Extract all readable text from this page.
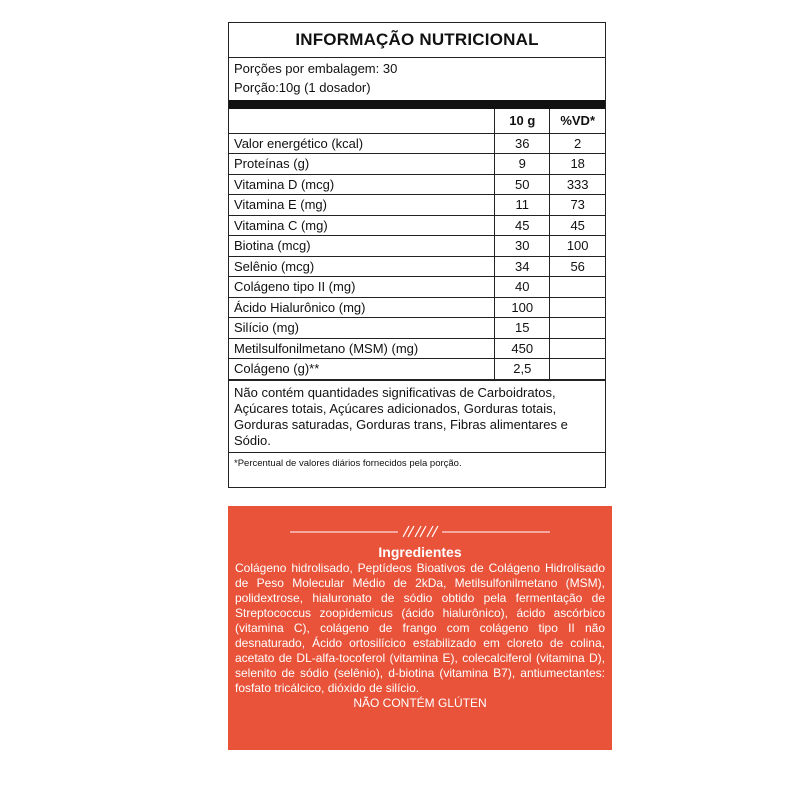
INFORMAÇÃO NUTRICIONAL
Porções por embalagem: 30
Porção:10g (1 dosador)
	10 g	%VD*
Valor energético (kcal)	36	2
Proteínas (g)	9	18
Vitamina D (mcg)	50	333
Vitamina E (mg)	11	73
Vitamina C (mg)	45	45
Biotina (mcg)	30	100
Selênio (mcg)	34	56
Colágeno tipo II (mg)	40	
Ácido Hialurônico (mg)	100	
Silício (mg)	15	
Metilsulfonilmetano (MSM) (mg)	450	
Colágeno (g)**	2,5	
Não contém quantidades significativas de Carboidratos, Açúcares totais, Açúcares adicionados, Gorduras totais, Gorduras saturadas, Gorduras trans, Fibras alimentares e Sódio.
*Percentual de valores diários fornecidos pela porção.
Ingredientes
Colágeno hidrolisado, Peptídeos Bioativos de Colágeno Hidrolisado de Peso Molecular Médio de 2kDa, Metilsulfonilmetano (MSM), polidextrose, hialuronato de sódio obtido pela fermentação de Streptococcus zoopidemicus (ácido hialurônico), ácido ascórbico (vitamina C), colágeno de frango com colágeno tipo II não desnaturado, Ácido ortosilícico estabilizado em cloreto de colina, acetato de DL-alfa-tocoferol (vitamina E), colecalciferol (vitamina D), selenito de sódio (selênio), d-biotina (vitamina B7), antiumectantes: fosfato tricálcico, dióxido de silício.
NÃO CONTÉM GLÚTEN
